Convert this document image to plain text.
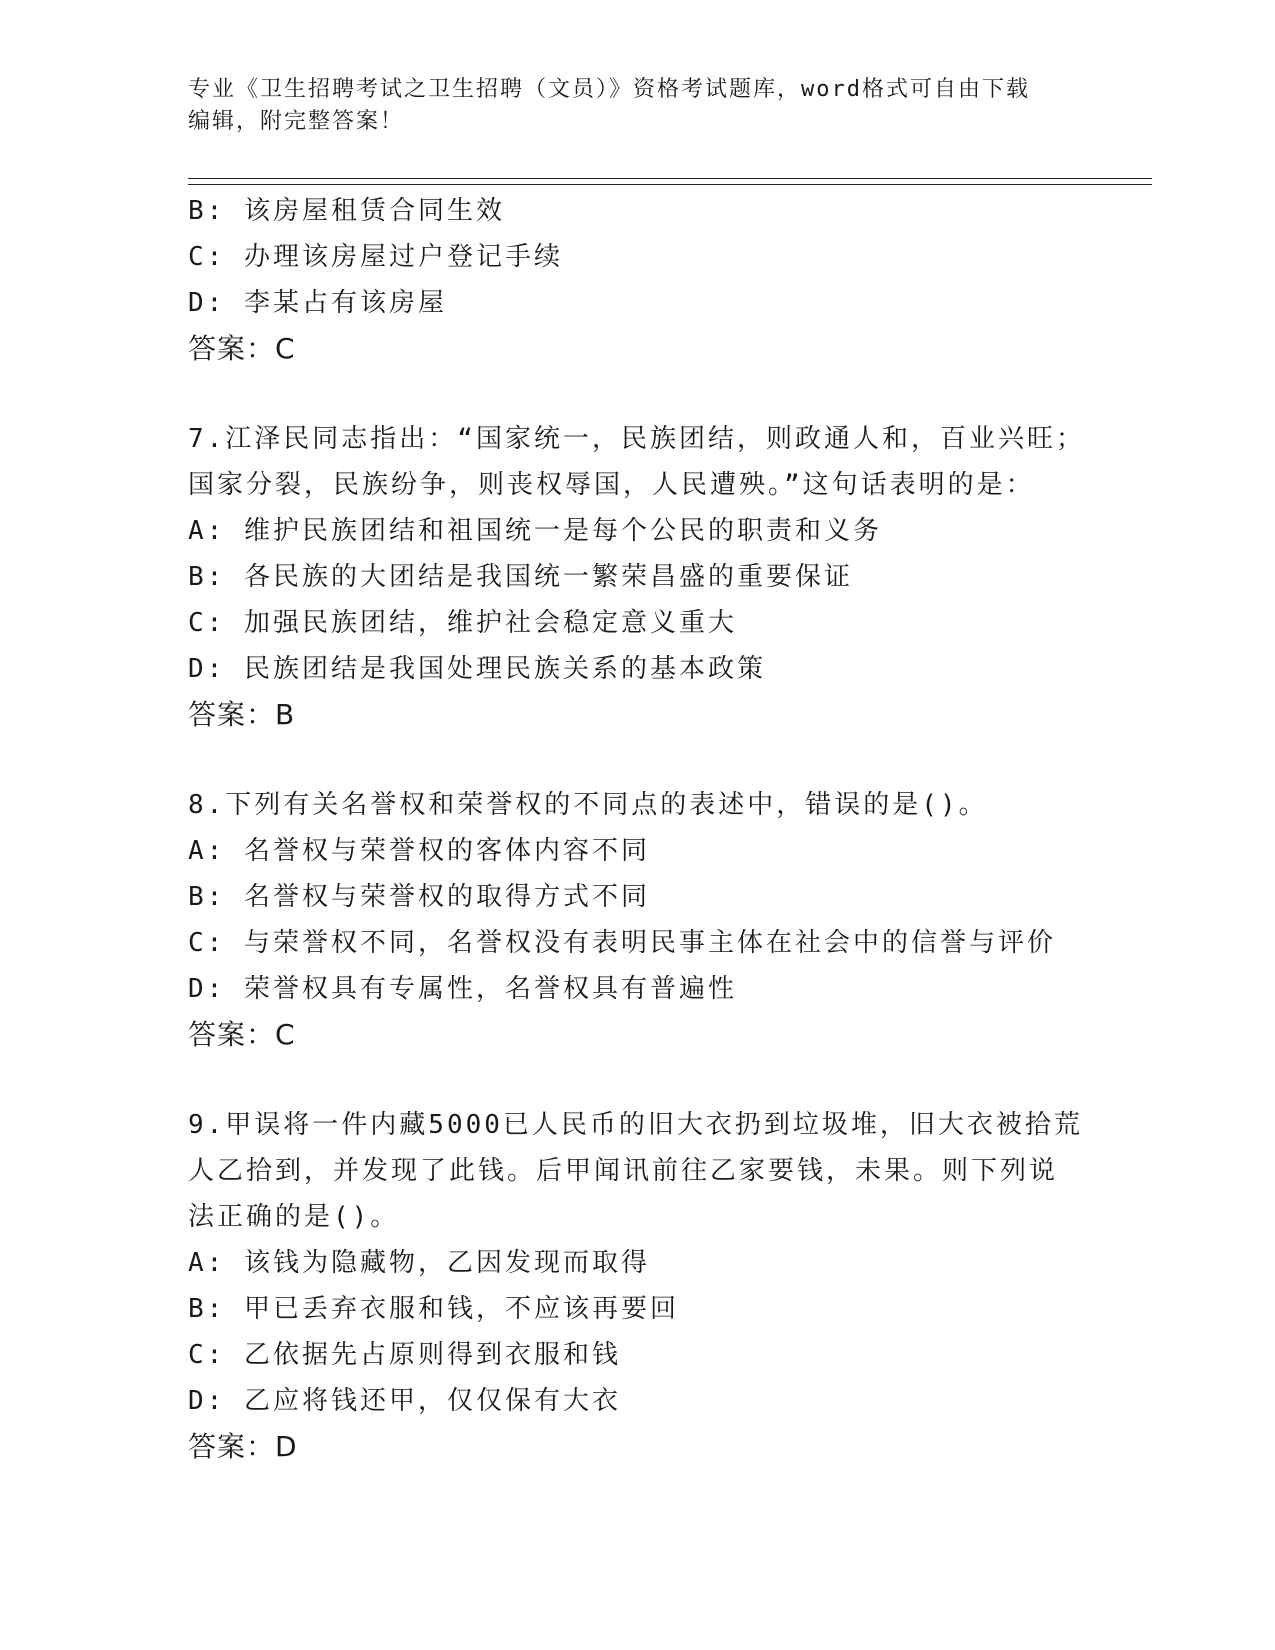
专业《卫生招聘考试之卫生招聘（文员）》资格考试题库，word格式可自由下载
编辑，附完整答案！
B: 该房屋租赁合同生效
C: 办理该房屋过户登记手续
D: 李某占有该房屋
答案：C
7.江泽民同志指出：“国家统一，民族团结，则政通人和，百业兴旺；
国家分裂，民族纷争，则丧权辱国，人民遭殃。”这句话表明的是：
A: 维护民族团结和祖国统一是每个公民的职责和义务
B: 各民族的大团结是我国统一繁荣昌盛的重要保证
C: 加强民族团结，维护社会稳定意义重大
D: 民族团结是我国处理民族关系的基本政策
答案：B
8.下列有关名誉权和荣誉权的不同点的表述中，错误的是()。
A: 名誉权与荣誉权的客体内容不同
B: 名誉权与荣誉权的取得方式不同
C: 与荣誉权不同，名誉权没有表明民事主体在社会中的信誉与评价
D: 荣誉权具有专属性，名誉权具有普遍性
答案：C
9.甲误将一件内藏5000已人民币的旧大衣扔到垃圾堆，旧大衣被拾荒
人乙拾到，并发现了此钱。后甲闻讯前往乙家要钱，未果。则下列说
法正确的是()。
A: 该钱为隐藏物，乙因发现而取得
B: 甲已丢弃衣服和钱，不应该再要回
C: 乙依据先占原则得到衣服和钱
D: 乙应将钱还甲，仅仅保有大衣
答案：D
